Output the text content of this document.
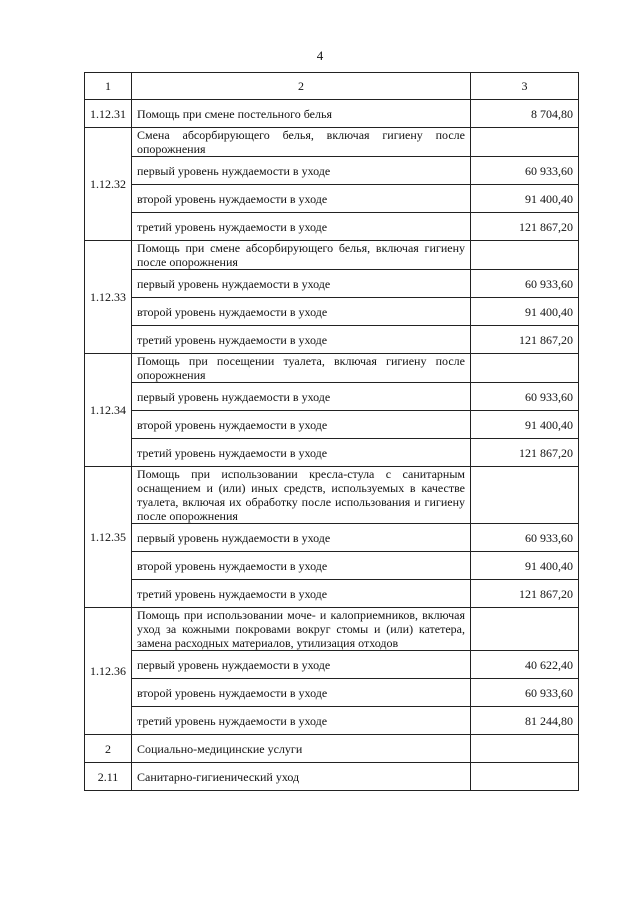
4
1	2	3
1.12.31	Помощь при смене постельного белья	8 704,80
1.12.32	Смена абсорбирующего белья, включая гигиену после опорожнения	
	первый уровень нуждаемости в уходе	60 933,60
	второй уровень нуждаемости в уходе	91 400,40
	третий уровень нуждаемости в уходе	121 867,20
1.12.33	Помощь при смене абсорбирующего белья, включая гигиену после опорожнения	
	первый уровень нуждаемости в уходе	60 933,60
	второй уровень нуждаемости в уходе	91 400,40
	третий уровень нуждаемости в уходе	121 867,20
1.12.34	Помощь при посещении туалета, включая гигиену после опорожнения	
	первый уровень нуждаемости в уходе	60 933,60
	второй уровень нуждаемости в уходе	91 400,40
	третий уровень нуждаемости в уходе	121 867,20
1.12.35	Помощь при использовании кресла-стула с санитарным оснащением и (или) иных средств, используемых в качестве туалета, включая их обработку после использования и гигиену после опорожнения	
	первый уровень нуждаемости в уходе	60 933,60
	второй уровень нуждаемости в уходе	91 400,40
	третий уровень нуждаемости в уходе	121 867,20
1.12.36	Помощь при использовании моче- и калоприемников, включая уход за кожными покровами вокруг стомы и (или) катетера, замена расходных материалов, утилизация отходов	
	первый уровень нуждаемости в уходе	40 622,40
	второй уровень нуждаемости в уходе	60 933,60
	третий уровень нуждаемости в уходе	81 244,80
2	Социально-медицинские услуги	
2.11	Санитарно-гигиенический уход	
